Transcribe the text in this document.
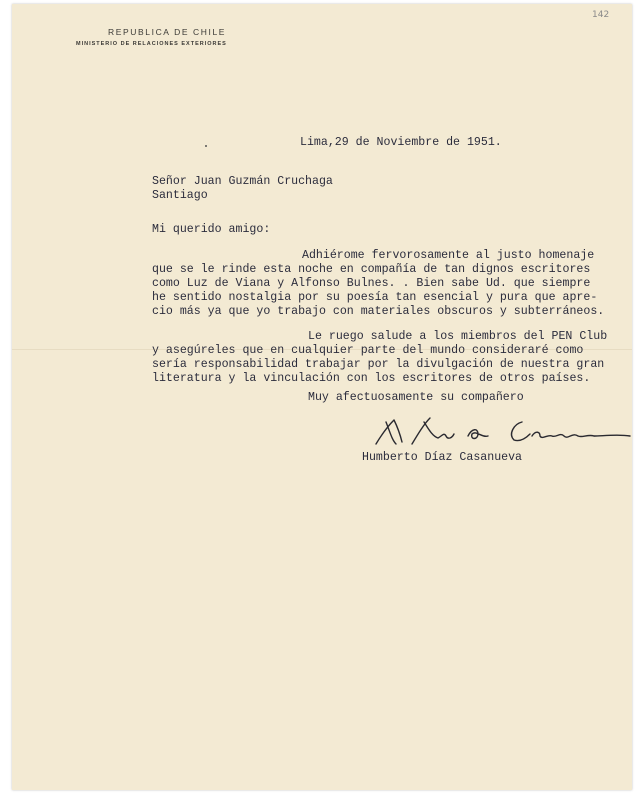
142
REPUBLICA DE CHILE
MINISTERIO DE RELACIONES EXTERIORES
Lima,29 de Noviembre de 1951.
Señor Juan Guzmán Cruchaga
Santiago
Mi querido amigo:
Adhiérome fervorosamente al justo homenaje
que se le rinde esta noche en compañía de tan dignos escritores
como Luz de Viana y Alfonso Bulnes. . Bien sabe Ud. que siempre
he sentido nostalgia por su poesía tan esencial y pura que apre-
cio más ya que yo trabajo con materiales obscuros y subterráneos.
Le ruego salude a los miembros del PEN Club
y asegúreles que en cualquier parte del mundo consideraré como
sería responsabilidad trabajar por la divulgación de nuestra gran
literatura y la vinculación con los escritores de otros países.
Muy afectuosamente su compañero
Humberto Díaz Casanueva
